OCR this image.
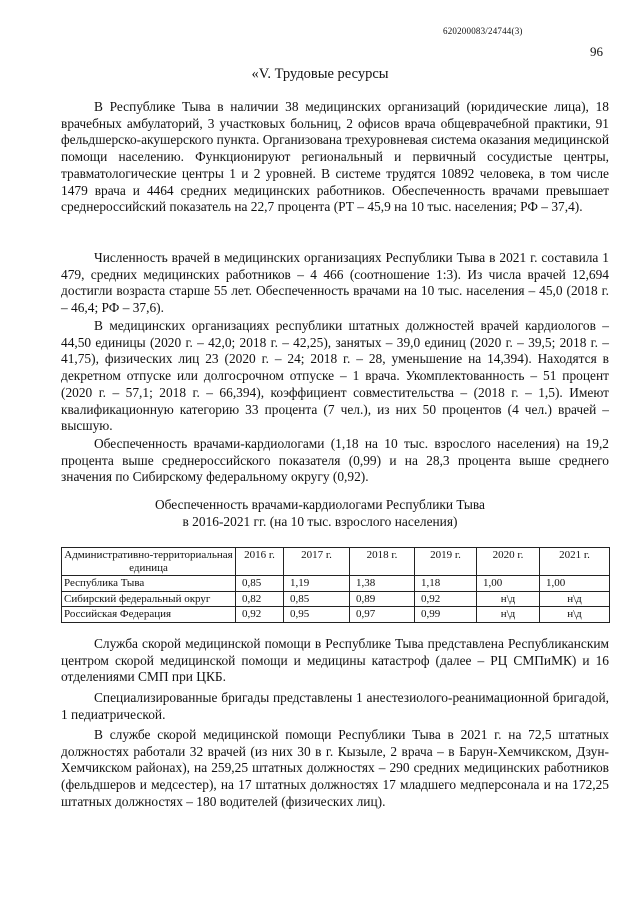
620200083/24744(3)
96
«V. Трудовые ресурсы

В Республике Тыва в наличии 38 медицинских организаций (юридические лица), 18 врачебных амбулаторий, 3 участковых больниц, 2 офисов врача общеврачебной практики, 91 фельдшерско-акушерского пункта. Организована трехуровневая система оказания медицинской помощи населению. Функционируют региональный и первичный сосудистые центры, травматологические центры 1 и 2 уровней. В системе трудятся 10892 человека, в том числе 1479 врача и 4464 средних медицинских работников. Обеспеченность врачами превышает среднероссийский показатель на 22,7 процента (РТ – 45,9 на 10 тыс. населения; РФ – 37,4).

Численность врачей в медицинских организациях Республики Тыва в 2021 г. составила 1 479, средних медицинских работников – 4 466 (соотношение 1:3). Из числа врачей 12,694 достигли возраста старше 55 лет. Обеспеченность врачами на 10 тыс. населения – 45,0 (2018 г. – 46,4; РФ – 37,6).

В медицинских организациях республики штатных должностей врачей кардиологов – 44,50 единицы (2020 г. – 42,0; 2018 г. – 42,25), занятых – 39,0 единиц (2020 г. – 39,5; 2018 г. – 41,75), физических лиц 23 (2020 г. – 24; 2018 г. – 28, уменьшение на 14,394). Находятся в декретном отпуске или долгосрочном отпуске – 1 врача. Укомплектованность – 51 процент (2020 г. – 57,1; 2018 г. – 66,394), коэффициент совместительства – (2018 г. – 1,5). Имеют квалификационную категорию 33 процента (7 чел.), из них 50 процентов (4 чел.) врачей – высшую.

Обеспеченность врачами-кардиологами (1,18 на 10 тыс. взрослого населения) на 19,2 процента выше среднероссийского показателя (0,99) и на 28,3 процента выше среднего значения по Сибирскому федеральному округу (0,92).

Обеспеченность врачами-кардиологами Республики Тыва
в 2016-2021 гг. (на 10 тыс. взрослого населения)
Административно-территориальная единица	2016 г.	2017 г.	2018 г.	2019 г.	2020 г.	2021 г.
Республика Тыва	0,85	1,19	1,38	1,18	1,00	1,00
Сибирский федеральный округ	0,82	0,85	0,89	0,92	н\д	н\д
Российская Федерация	0,92	0,95	0,97	0,99	н\д	н\д

Служба скорой медицинской помощи в Республике Тыва представлена Республиканским центром скорой медицинской помощи и медицины катастроф (далее – РЦ СМПиМК) и 16 отделениями СМП при ЦКБ.

Специализированные бригады представлены 1 анестезиолого-реанимационной бригадой, 1 педиатрической.

В службе скорой медицинской помощи Республики Тыва в 2021 г. на 72,5 штатных должностях работали 32 врачей (из них 30 в г. Кызыле, 2 врача – в Барун-Хемчикском, Дзун-Хемчикском районах), на 259,25 штатных должностях – 290 средних медицинских работников (фельдшеров и медсестер), на 17 штатных должностях 17 младшего медперсонала и на 172,25 штатных должностях – 180 водителей (физических лиц).
